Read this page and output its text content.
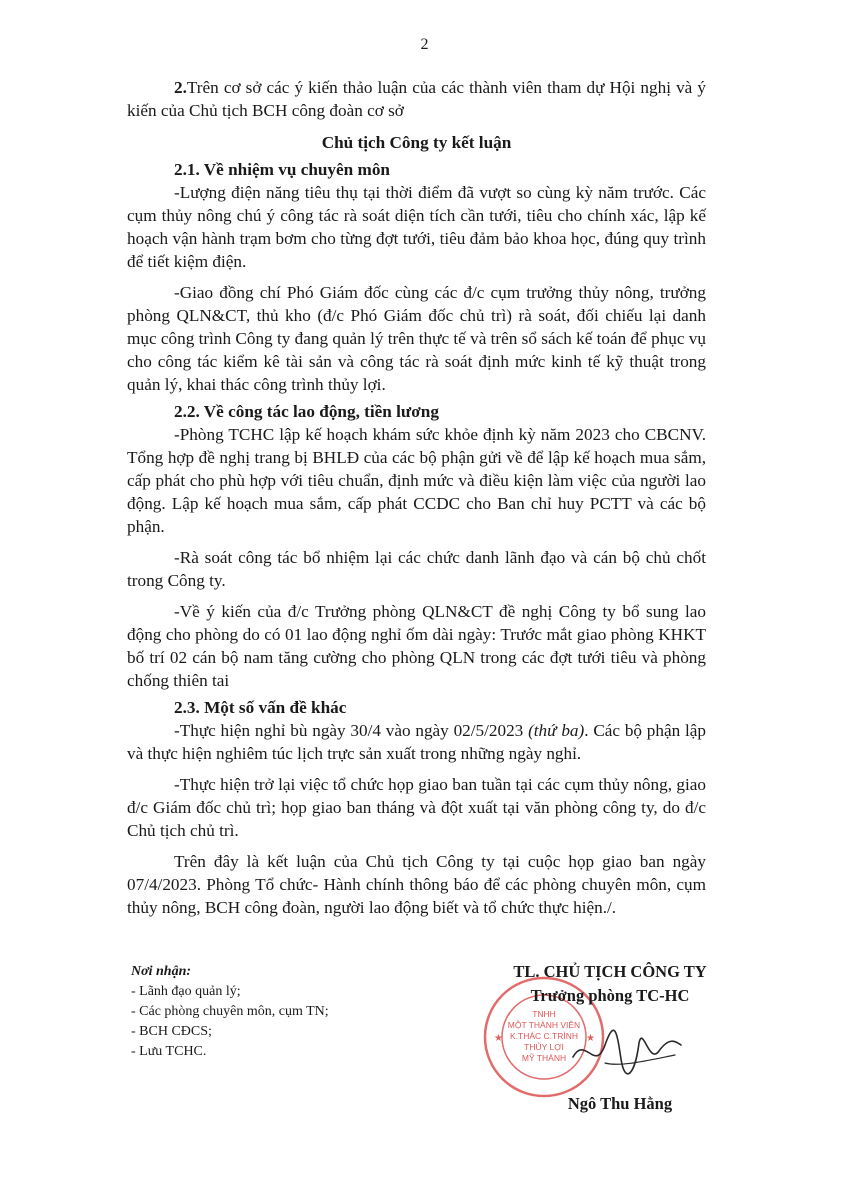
2

2.Trên cơ sở các ý kiến thảo luận của các thành viên tham dự Hội nghị và ý kiến của Chủ tịch BCH công đoàn cơ sở

Chủ tịch Công ty kết luận

2.1. Về nhiệm vụ chuyên môn

-Lượng điện năng tiêu thụ tại thời điểm đã vượt so cùng kỳ năm trước. Các cụm thủy nông chú ý công tác rà soát diện tích cần tưới, tiêu cho chính xác, lập kế hoạch vận hành trạm bơm cho từng đợt tưới, tiêu đảm bảo khoa học, đúng quy trình để tiết kiệm điện.

-Giao đồng chí Phó Giám đốc cùng các đ/c cụm trưởng thủy nông, trưởng phòng QLN&CT, thủ kho (đ/c Phó Giám đốc chủ trì) rà soát, đối chiếu lại danh mục công trình Công ty đang quản lý trên thực tế và trên sổ sách kế toán để phục vụ cho công tác kiểm kê tài sản và công tác rà soát định mức kinh tế kỹ thuật trong quản lý, khai thác công trình thủy lợi.

2.2. Về công tác lao động, tiền lương

-Phòng TCHC lập kế hoạch khám sức khỏe định kỳ năm 2023 cho CBCNV. Tổng hợp đề nghị trang bị BHLĐ của các bộ phận gửi về để lập kế hoạch mua sắm, cấp phát cho phù hợp với tiêu chuẩn, định mức và điều kiện làm việc của người lao động. Lập kế hoạch mua sắm, cấp phát CCDC cho Ban chỉ huy PCTT và các bộ phận.

-Rà soát công tác bổ nhiệm lại các chức danh lãnh đạo và cán bộ chủ chốt trong Công ty.

-Về ý kiến của đ/c Trưởng phòng QLN&CT đề nghị Công ty bổ sung lao động cho phòng do có 01 lao động nghỉ ốm dài ngày: Trước mắt giao phòng KHKT bố trí 02 cán bộ nam tăng cường cho phòng QLN trong các đợt tưới tiêu và phòng chống thiên tai

2.3. Một số vấn đề khác

-Thực hiện nghỉ bù ngày 30/4 vào ngày 02/5/2023 (thứ ba). Các bộ phận lập và thực hiện nghiêm túc lịch trực sản xuất trong những ngày nghỉ.

-Thực hiện trở lại việc tổ chức họp giao ban tuần tại các cụm thủy nông, giao đ/c Giám đốc chủ trì; họp giao ban tháng và đột xuất tại văn phòng công ty, do đ/c Chủ tịch chủ trì.

Trên đây là kết luận của Chủ tịch Công ty tại cuộc họp giao ban ngày 07/4/2023. Phòng Tổ chức- Hành chính thông báo để các phòng chuyên môn, cụm thủy nông, BCH công đoàn, người lao động biết và tổ chức thực hiện./.

Nơi nhận:
- Lãnh đạo quản lý;
- Các phòng chuyên môn, cụm TN;
- BCH CĐCS;
- Lưu TCHC.
★	★
TNHH
MỘT THÀNH VIÊN
K.THÁC C.TRÌNH
THỦY LỢI
MỸ THÀNH
TL. CHỦ TỊCH CÔNG TY
Trưởng phòng TC-HC
Ngô Thu Hằng
